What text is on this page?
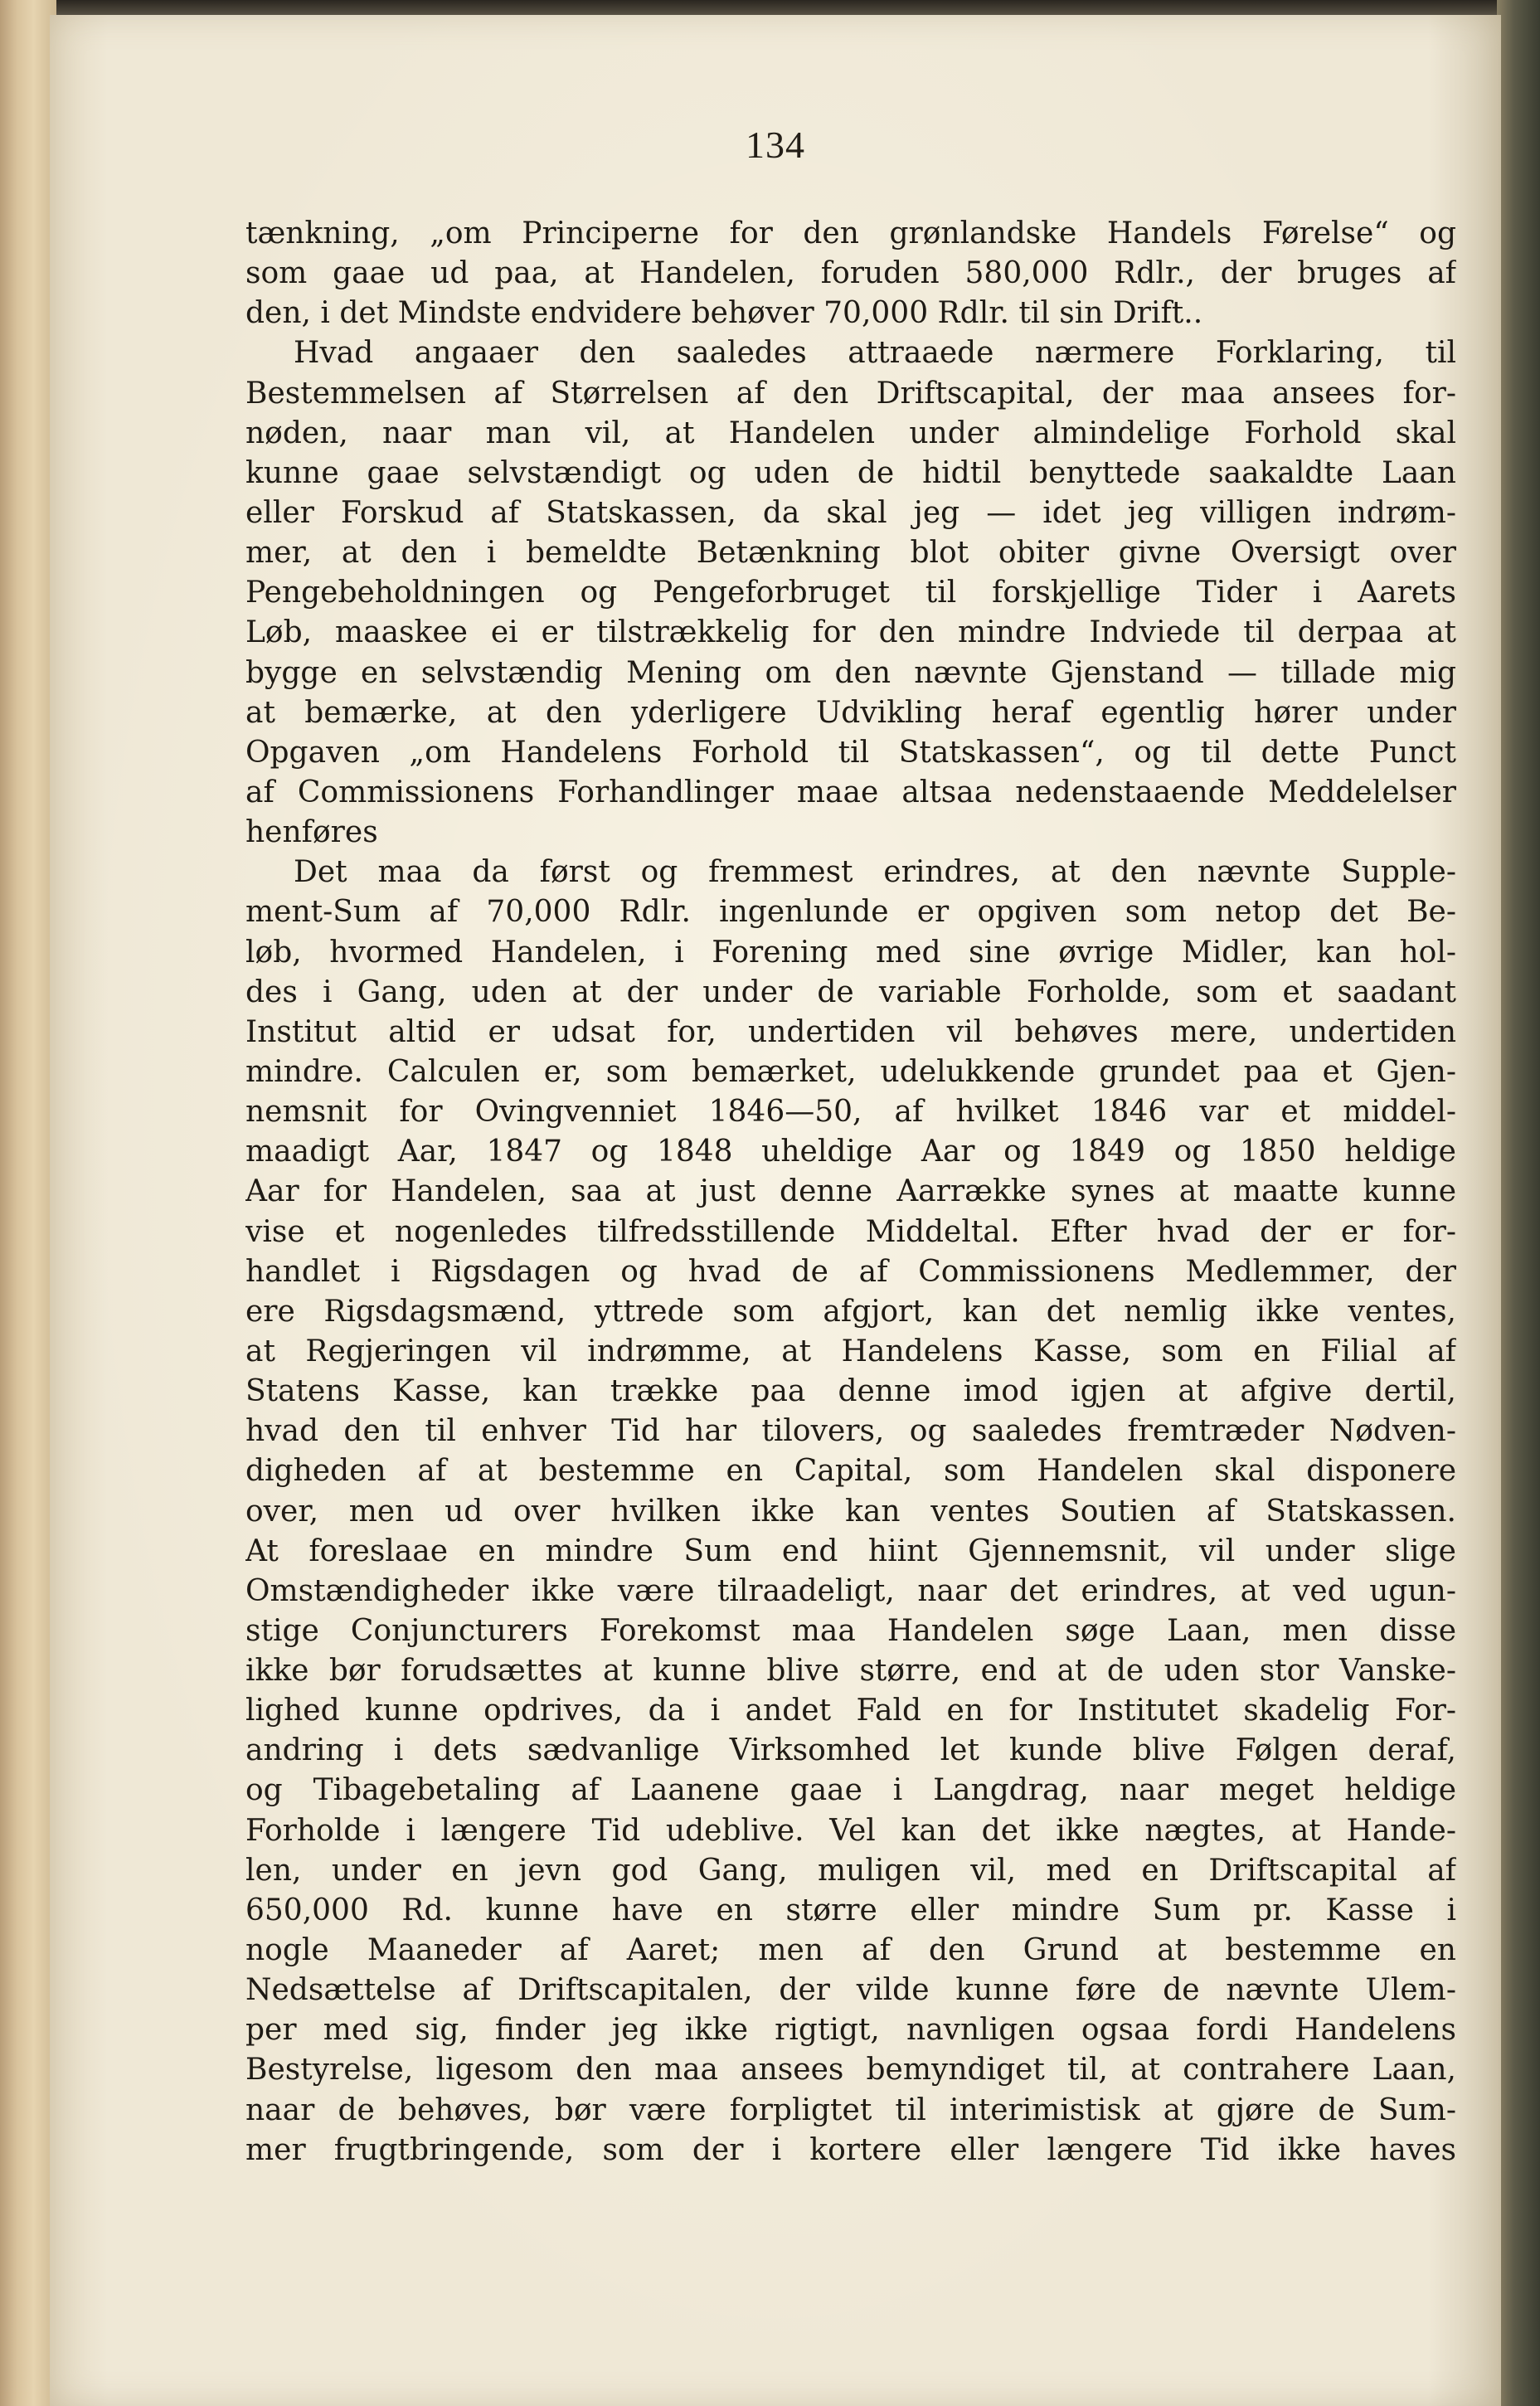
134
tænkning, „om Principerne for den grønlandske Handels Førelse“ og
som gaae ud paa, at Handelen, foruden 580,000 Rdlr., der bruges af
den, i det Mindste endvidere behøver 70,000 Rdlr. til sin Drift..
Hvad angaaer den saaledes attraaede nærmere Forklaring, til
Bestemmelsen af Størrelsen af den Driftscapital, der maa ansees for-
nøden, naar man vil, at Handelen under almindelige Forhold skal
kunne gaae selvstændigt og uden de hidtil benyttede saakaldte Laan
eller Forskud af Statskassen, da skal jeg — idet jeg villigen indrøm-
mer, at den i bemeldte Betænkning blot obiter givne Oversigt over
Pengebeholdningen og Pengeforbruget til forskjellige Tider i Aarets
Løb, maaskee ei er tilstrækkelig for den mindre Indviede til derpaa at
bygge en selvstændig Mening om den nævnte Gjenstand — tillade mig
at bemærke, at den yderligere Udvikling heraf egentlig hører under
Opgaven „om Handelens Forhold til Statskassen“, og til dette Punct
af Commissionens Forhandlinger maae altsaa nedenstaaende Meddelelser
henføres
Det maa da først og fremmest erindres, at den nævnte Supple-
ment-Sum af 70,000 Rdlr. ingenlunde er opgiven som netop det Be-
løb, hvormed Handelen, i Forening med sine øvrige Midler, kan hol-
des i Gang, uden at der under de variable Forholde, som et saadant
Institut altid er udsat for, undertiden vil behøves mere, undertiden
mindre. Calculen er, som bemærket, udelukkende grundet paa et Gjen-
nemsnit for Ovingvenniet 1846—50, af hvilket 1846 var et middel-
maadigt Aar, 1847 og 1848 uheldige Aar og 1849 og 1850 heldige
Aar for Handelen, saa at just denne Aarrække synes at maatte kunne
vise et nogenledes tilfredsstillende Middeltal. Efter hvad der er for-
handlet i Rigsdagen og hvad de af Commissionens Medlemmer, der
ere Rigsdagsmænd, yttrede som afgjort, kan det nemlig ikke ventes,
at Regjeringen vil indrømme, at Handelens Kasse, som en Filial af
Statens Kasse, kan trække paa denne imod igjen at afgive dertil,
hvad den til enhver Tid har tilovers, og saaledes fremtræder Nødven-
digheden af at bestemme en Capital, som Handelen skal disponere
over, men ud over hvilken ikke kan ventes Soutien af Statskassen.
At foreslaae en mindre Sum end hiint Gjennemsnit, vil under slige
Omstændigheder ikke være tilraadeligt, naar det erindres, at ved ugun-
stige Conjuncturers Forekomst maa Handelen søge Laan, men disse
ikke bør forudsættes at kunne blive større, end at de uden stor Vanske-
lighed kunne opdrives, da i andet Fald en for Institutet skadelig For-
andring i dets sædvanlige Virksomhed let kunde blive Følgen deraf,
og Tibagebetaling af Laanene gaae i Langdrag, naar meget heldige
Forholde i længere Tid udeblive. Vel kan det ikke nægtes, at Hande-
len, under en jevn god Gang, muligen vil, med en Driftscapital af
650,000 Rd. kunne have en større eller mindre Sum pr. Kasse i
nogle Maaneder af Aaret; men af den Grund at bestemme en
Nedsættelse af Driftscapitalen, der vilde kunne føre de nævnte Ulem-
per med sig, finder jeg ikke rigtigt, navnligen ogsaa fordi Handelens
Bestyrelse, ligesom den maa ansees bemyndiget til, at contrahere Laan,
naar de behøves, bør være forpligtet til interimistisk at gjøre de Sum-
mer frugtbringende, som der i kortere eller længere Tid ikke haves
